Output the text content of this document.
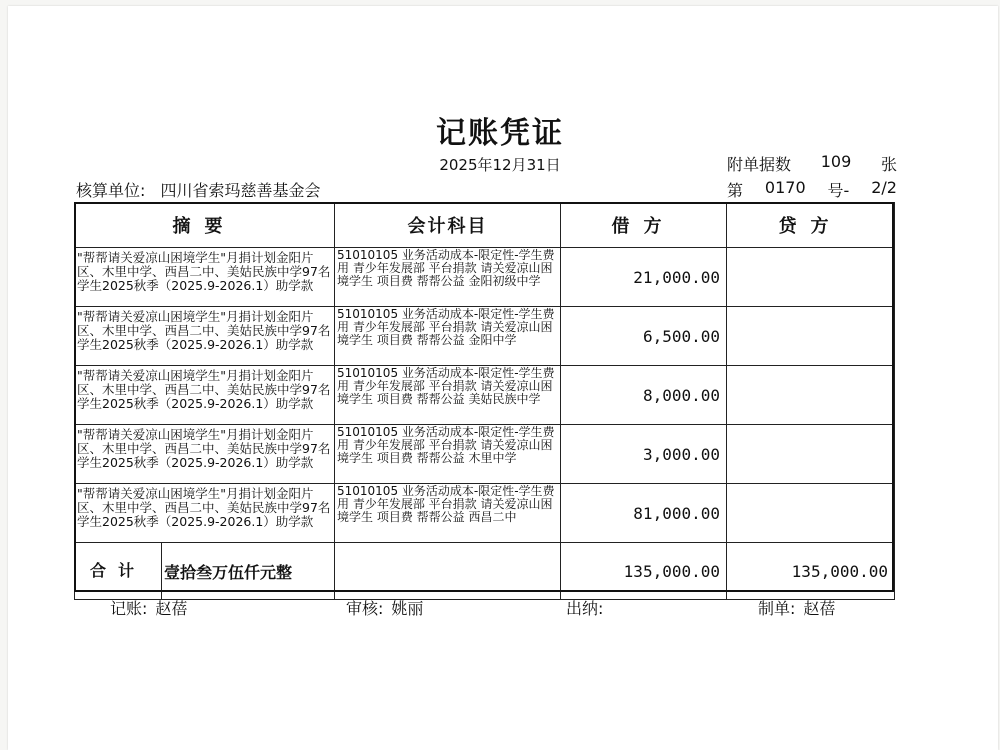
记账凭证
2025年12月31日	附单据数 109 张
第 0170 号- 2/2
核算单位: 四川省索玛慈善基金会
摘要	会计科目	借方	贷方
"帮帮请关爱凉山困境学生"月捐计划金阳片区、木里中学、西昌二中、美姑民族中学97名学生2025秋季（2025.9-2026.1）助学款	51010105 业务活动成本-限定性-学生费用 青少年发展部 平台捐款 请关爱凉山困境学生 项目费 帮帮公益 金阳初级中学	21,000.00	
"帮帮请关爱凉山困境学生"月捐计划金阳片区、木里中学、西昌二中、美姑民族中学97名学生2025秋季（2025.9-2026.1）助学款	51010105 业务活动成本-限定性-学生费用 青少年发展部 平台捐款 请关爱凉山困境学生 项目费 帮帮公益 金阳中学	6,500.00	
"帮帮请关爱凉山困境学生"月捐计划金阳片区、木里中学、西昌二中、美姑民族中学97名学生2025秋季（2025.9-2026.1）助学款	51010105 业务活动成本-限定性-学生费用 青少年发展部 平台捐款 请关爱凉山困境学生 项目费 帮帮公益 美姑民族中学	8,000.00	
"帮帮请关爱凉山困境学生"月捐计划金阳片区、木里中学、西昌二中、美姑民族中学97名学生2025秋季（2025.9-2026.1）助学款	51010105 业务活动成本-限定性-学生费用 青少年发展部 平台捐款 请关爱凉山困境学生 项目费 帮帮公益 木里中学	3,000.00	
"帮帮请关爱凉山困境学生"月捐计划金阳片区、木里中学、西昌二中、美姑民族中学97名学生2025秋季（2025.9-2026.1）助学款	51010105 业务活动成本-限定性-学生费用 青少年发展部 平台捐款 请关爱凉山困境学生 项目费 帮帮公益 西昌二中	81,000.00	

合计 壹拾叁万伍仟元整		135,000.00	135,000.00
记账: 赵蓓	审核: 姚丽	出纳:	制单: 赵蓓
